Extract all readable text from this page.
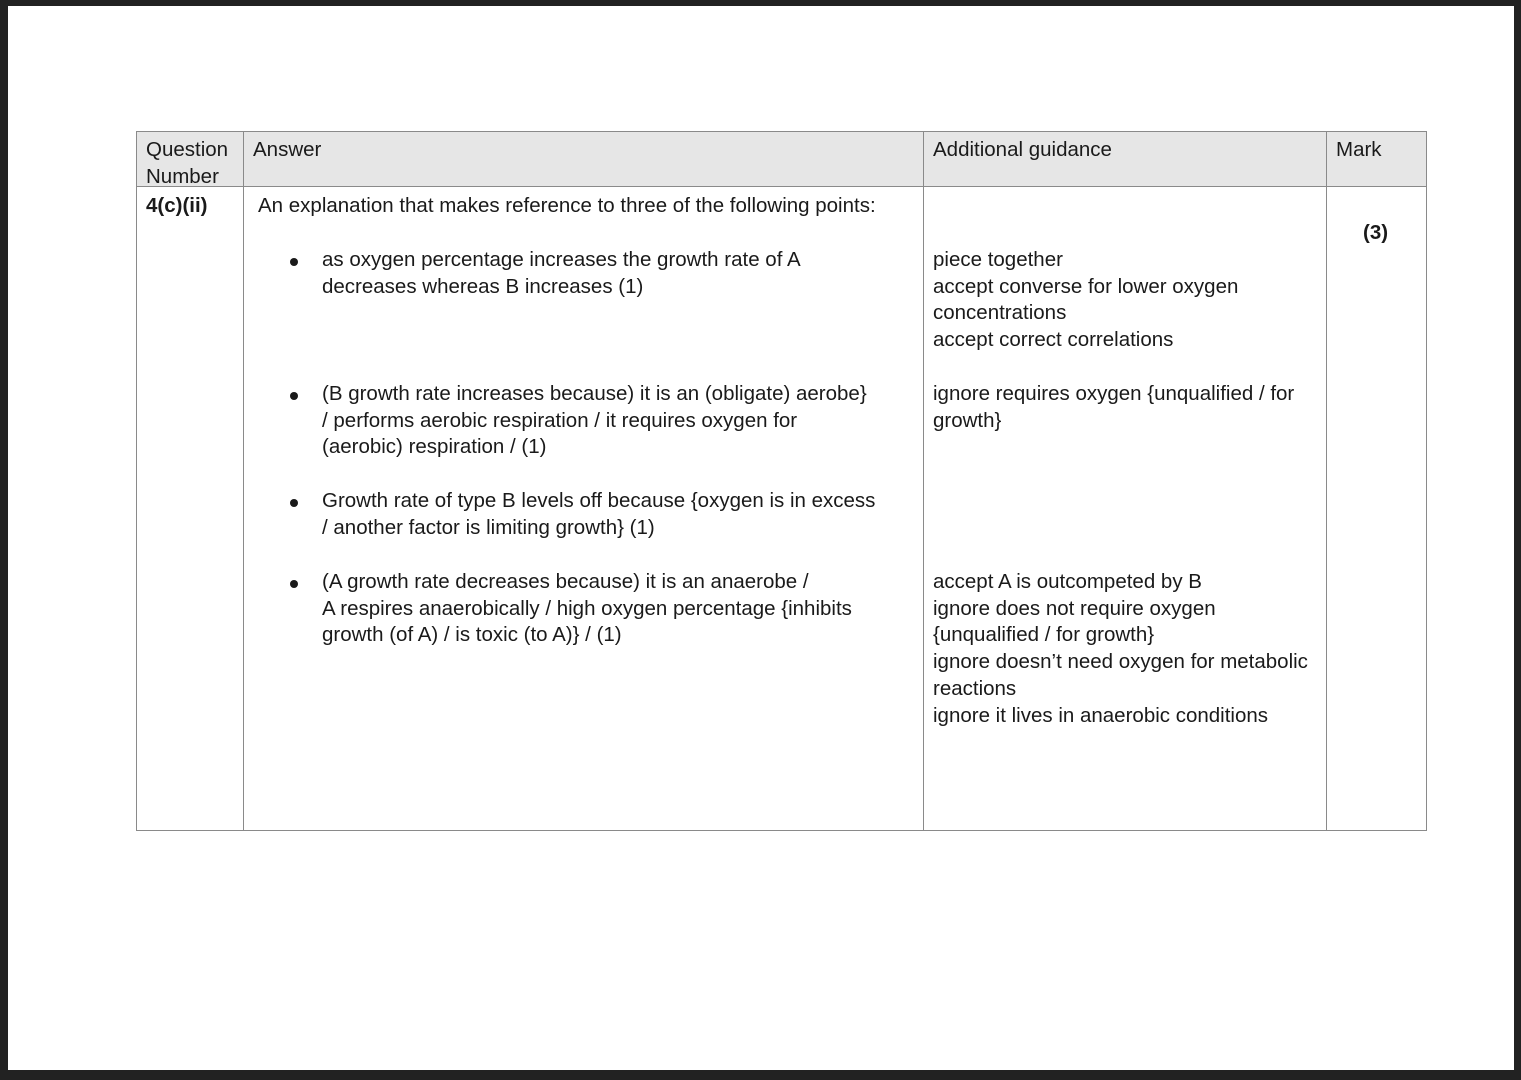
Question
Number
Answer	Additional guidance	Mark
4(c)(ii) An explanation that makes reference to three of the following points:
(3)
as oxygen percentage increases the growth rate of A
decreases whereas B increases (1)
piece together
accept converse for lower oxygen
concentrations
accept correct correlations
(B growth rate increases because) it is an (obligate) aerobe}
/ performs aerobic respiration / it requires oxygen for
(aerobic) respiration / (1)
ignore requires oxygen {unqualified / for
growth}
Growth rate of type B levels off because {oxygen is in excess
/ another factor is limiting growth} (1)
(A growth rate decreases because) it is an anaerobe /
A respires anaerobically / high oxygen percentage {inhibits
growth (of A) / is toxic (to A)} / (1)
accept A is outcompeted by B
ignore does not require oxygen
{unqualified / for growth}
ignore doesn’t need oxygen for metabolic
reactions
ignore it lives in anaerobic conditions
